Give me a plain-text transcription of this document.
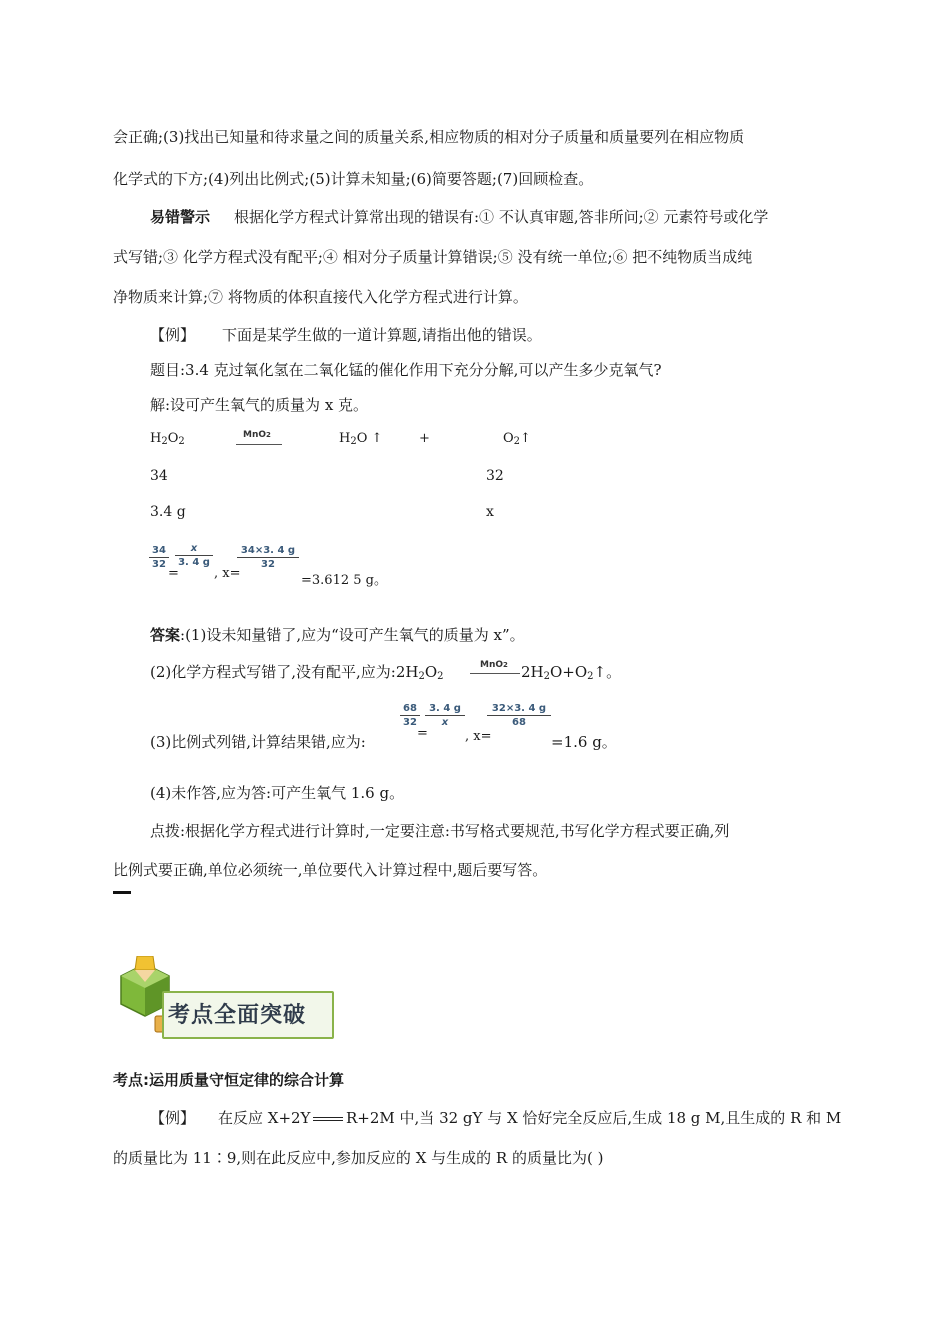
会正确;(3)找出已知量和待求量之间的质量关系,相应物质的相对分子质量和质量要列在相应物质
化学式的下方;(4)列出比例式;(5)计算未知量;(6)简要答题;(7)回顾检查。
易错警示 根据化学方程式计算常出现的错误有:① 不认真审题,答非所问;② 元素符号或化学
式写错;③ 化学方程式没有配平;④ 相对分子质量计算错误;⑤ 没有统一单位;⑥ 把不纯物质当成纯
净物质来计算;⑦ 将物质的体积直接代入化学方程式进行计算。
【例】 下面是某学生做的一道计算题,请指出他的错误。
题目:3.4 克过氧化氢在二氧化锰的催化作用下充分分解,可以产生多少克氧气?
解:设可产生氧气的质量为 x 克。
$H_2O_2$
MnO2	$H_2O$ ↑	+	$O_2↑$
34	32
3.4 g	x
34
32
=
x
3. 4 g
, x=
34×3. 4 g
32
=3.612 5 g。
答案:(1)设未知量错了,应为“设可产生氧气的质量为 x”。
(2)化学方程式写错了,没有配平,应为$:2H_2O_2$
MnO2 $2H_2O+O_2↑$。
(3)比例式列错,计算结果错,应为:
68
32
=
3. 4 g
x
, x=
32×3. 4 g
68
=1.6 g。
(4)未作答,应为答:可产生氧气 1.6 g。
点拨:根据化学方程式进行计算时,一定要注意:书写格式要规范,书写化学方程式要正确,列
比例式要正确,单位必须统一,单位要代入计算过程中,题后要写答。
考点全面突破
考点:运用质量守恒定律的综合计算
【例】 在反应 X+2Y R+2M 中,当 32 gY 与 X 恰好完全反应后,生成 18 g M,且生成的 R 和 M
的质量比为 11∶9,则在此反应中,参加反应的 X 与生成的 R 的质量比为( )
